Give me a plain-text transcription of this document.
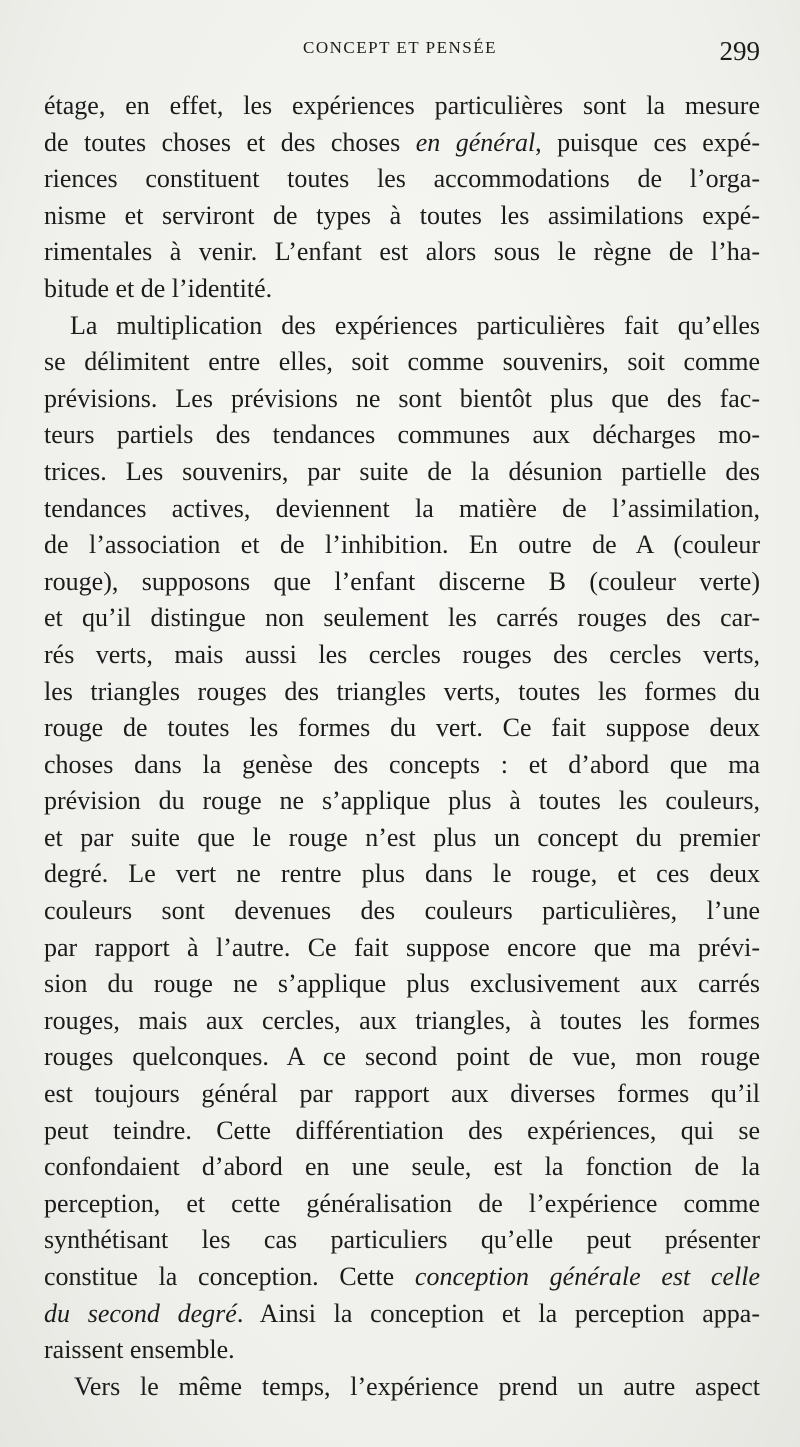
CONCEPT ET PENSÉE	299
étage, en effet, les expériences particulières sont la mesure
de toutes choses et des choses en général, puisque ces expé-
riences constituent toutes les accommodations de l’orga-
nisme et serviront de types à toutes les assimilations expé-
rimentales à venir. L’enfant est alors sous le règne de l’ha-
bitude et de l’identité.
La multiplication des expériences particulières fait qu’elles
se délimitent entre elles, soit comme souvenirs, soit comme
prévisions. Les prévisions ne sont bientôt plus que des fac-
teurs partiels des tendances communes aux décharges mo-
trices. Les souvenirs, par suite de la désunion partielle des
tendances actives, deviennent la matière de l’assimilation,
de l’association et de l’inhibition. En outre de A (couleur
rouge), supposons que l’enfant discerne B (couleur verte)
et qu’il distingue non seulement les carrés rouges des car-
rés verts, mais aussi les cercles rouges des cercles verts,
les triangles rouges des triangles verts, toutes les formes du
rouge de toutes les formes du vert. Ce fait suppose deux
choses dans la genèse des concepts : et d’abord que ma
prévision du rouge ne s’applique plus à toutes les couleurs,
et par suite que le rouge n’est plus un concept du premier
degré. Le vert ne rentre plus dans le rouge, et ces deux
couleurs sont devenues des couleurs particulières, l’une
par rapport à l’autre. Ce fait suppose encore que ma prévi-
sion du rouge ne s’applique plus exclusivement aux carrés
rouges, mais aux cercles, aux triangles, à toutes les formes
rouges quelconques. A ce second point de vue, mon rouge
est toujours général par rapport aux diverses formes qu’il
peut teindre. Cette différentiation des expériences, qui se
confondaient d’abord en une seule, est la fonction de la
perception, et cette généralisation de l’expérience comme
synthétisant les cas particuliers qu’elle peut présenter
constitue la conception. Cette conception générale est celle
du second degré. Ainsi la conception et la perception appa-
raissent ensemble.
Vers le même temps, l’expérience prend un autre aspect
